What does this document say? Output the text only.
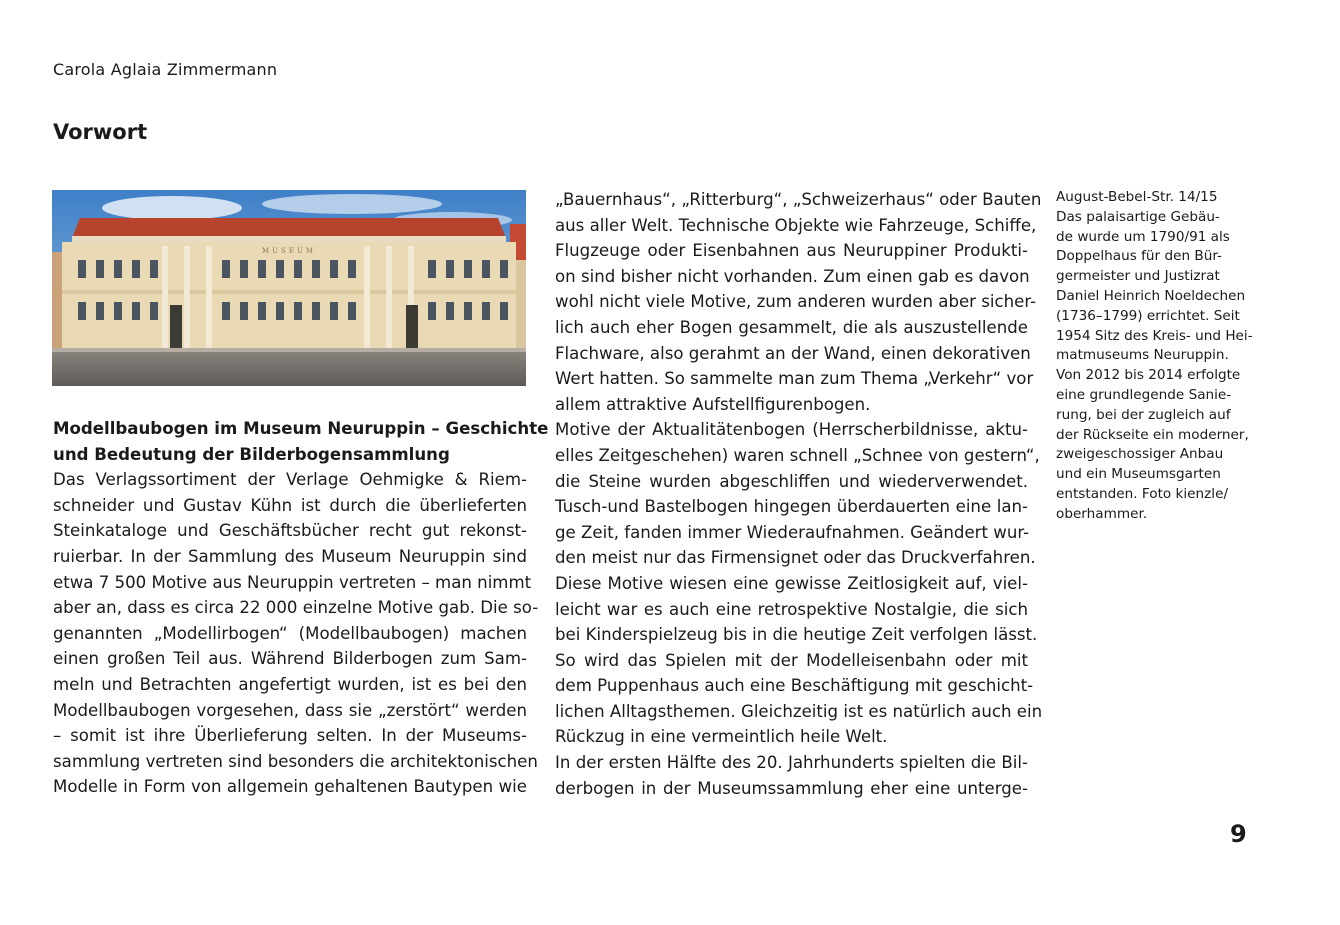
Carola Aglaia Zimmermann
Vorwort
MUSEUM

Modellbaubogen im Museum Neuruppin – Geschichte
und Bedeutung der Bilderbogensammlung

Das Verlagssortiment der Verlage Oehmigke & Riem-
schneider und Gustav Kühn ist durch die überlieferten
Steinkataloge und Geschäftsbücher recht gut rekonst-
ruierbar. In der Sammlung des Museum Neuruppin sind
etwa 7 500 Motive aus Neuruppin vertreten – man nimmt
aber an, dass es circa 22 000 einzelne Motive gab. Die so-
genannten „Modellirbogen“ (Modellbaubogen) machen
einen großen Teil aus. Während Bilderbogen zum Sam-
meln und Betrachten angefertigt wurden, ist es bei den
Modellbaubogen vorgesehen, dass sie „zerstört“ werden
– somit ist ihre Überlieferung selten. In der Museums-
sammlung vertreten sind besonders die architektonischen
Modelle in Form von allgemein gehaltenen Bautypen wie

„Bauernhaus“, „Ritterburg“, „Schweizerhaus“ oder Bauten
aus aller Welt. Technische Objekte wie Fahrzeuge, Schiffe,
Flugzeuge oder Eisenbahnen aus Neuruppiner Produkti-
on sind bisher nicht vorhanden. Zum einen gab es davon
wohl nicht viele Motive, zum anderen wurden aber sicher-
lich auch eher Bogen gesammelt, die als auszustellende
Flachware, also gerahmt an der Wand, einen dekorativen
Wert hatten. So sammelte man zum Thema „Verkehr“ vor
allem attraktive Aufstellfigurenbogen.

Motive der Aktualitätenbogen (Herrscherbildnisse, aktu-
elles Zeitgeschehen) waren schnell „Schnee von gestern“,
die Steine wurden abgeschliffen und wiederverwendet.
Tusch-und Bastelbogen hingegen überdauerten eine lan-
ge Zeit, fanden immer Wiederaufnahmen. Geändert wur-
den meist nur das Firmensignet oder das Druckverfahren.
Diese Motive wiesen eine gewisse Zeitlosigkeit auf, viel-
leicht war es auch eine retrospektive Nostalgie, die sich
bei Kinderspielzeug bis in die heutige Zeit verfolgen lässt.
So wird das Spielen mit der Modelleisenbahn oder mit
dem Puppenhaus auch eine Beschäftigung mit geschicht-
lichen Alltagsthemen. Gleichzeitig ist es natürlich auch ein
Rückzug in eine vermeintlich heile Welt.

In der ersten Hälfte des 20. Jahrhunderts spielten die Bil-
derbogen in der Museumssammlung eher eine unterge-

August-Bebel-Str. 14/15
Das palaisartige Gebäu-
de wurde um 1790/91 als
Doppelhaus für den Bür-
germeister und Justizrat
Daniel Heinrich Noeldechen
(1736–1799) errichtet. Seit
1954 Sitz des Kreis- und Hei-
matmuseums Neuruppin.
Von 2012 bis 2014 erfolgte
eine grundlegende Sanie-
rung, bei der zugleich auf
der Rückseite ein moderner,
zweigeschossiger Anbau
und ein Museumsgarten
entstanden. Foto kienzle/
oberhammer.
9
